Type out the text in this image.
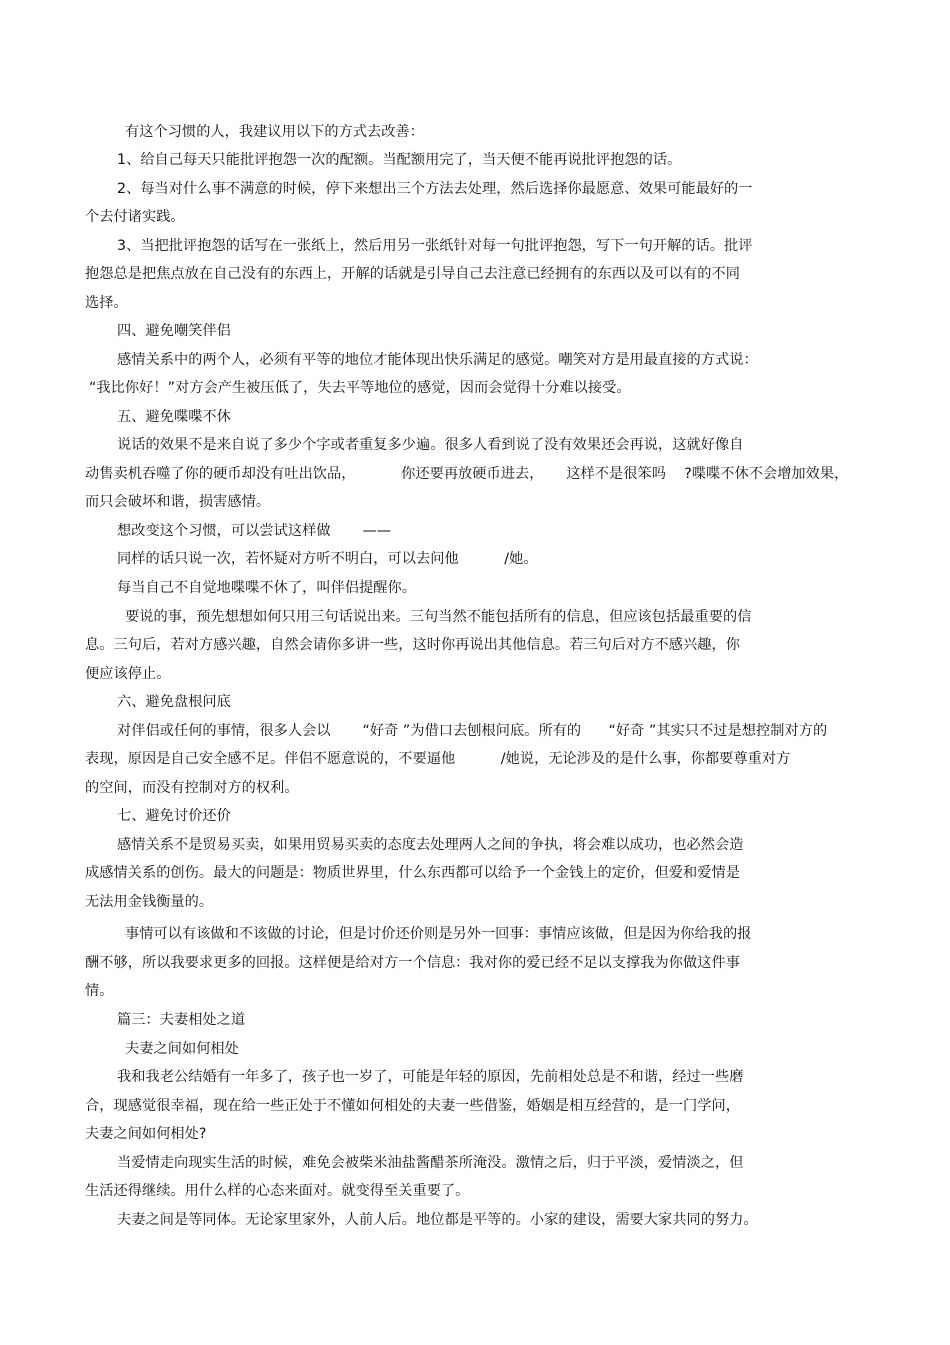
有这个习惯的人，我建议用以下的方式去改善：
1、给自己每天只能批评抱怨一次的配额。当配额用完了，当天便不能再说批评抱怨的话。
2、每当对什么事不满意的时候，停下来想出三个方法去处理，然后选择你最愿意、效果可能最好的一
个去付诸实践。
3、当把批评抱怨的话写在一张纸上，然后用另一张纸针对每一句批评抱怨，写下一句开解的话。批评
抱怨总是把焦点放在自己没有的东西上，开解的话就是引导自己去注意已经拥有的东西以及可以有的不同
选择。
四、避免嘲笑伴侣
感情关系中的两个人，必须有平等的地位才能体现出快乐满足的感觉。嘲笑对方是用最直接的方式说：
“我比你好！”对方会产生被压低了，失去平等地位的感觉，因而会觉得十分难以接受。
五、避免喋喋不休
说话的效果不是来自说了多少个字或者重复多少遍。很多人看到说了没有效果还会再说，这就好像自
动售卖机吞噬了你的硬币却没有吐出饮品，          你还要再放硬币进去，     这样不是很笨吗    ?喋喋不休不会增加效果，
而只会破坏和谐，损害感情。
想改变这个习惯，可以尝试这样做       ——
同样的话只说一次，若怀疑对方听不明白，可以去问他          /她。
每当自己不自觉地喋喋不休了，叫伴侣提醒你。
要说的事，预先想想如何只用三句话说出来。三句当然不能包括所有的信息，但应该包括最重要的信
息。三句后，若对方感兴趣，自然会请你多讲一些，这时你再说出其他信息。若三句后对方不感兴趣，你
便应该停止。
六、避免盘根问底
对伴侣或任何的事情，很多人会以       “好奇 ”为借口去刨根问底。所有的      “好奇 ”其实只不过是想控制对方的
表现，原因是自己安全感不足。伴侣不愿意说的，不要逼他          /她说，无论涉及的是什么事，你都要尊重对方
的空间，而没有控制对方的权利。
七、避免讨价还价
感情关系不是贸易买卖，如果用贸易买卖的态度去处理两人之间的争执，将会难以成功，也必然会造
成感情关系的创伤。最大的问题是：物质世界里，什么东西都可以给予一个金钱上的定价，但爱和爱情是
无法用金钱衡量的。
事情可以有该做和不该做的讨论，但是讨价还价则是另外一回事：事情应该做，但是因为你给我的报
酬不够，所以我要求更多的回报。这样便是给对方一个信息：我对你的爱已经不足以支撑我为你做这件事
情。
篇三：夫妻相处之道
夫妻之间如何相处
我和我老公结婚有一年多了，孩子也一岁了，可能是年轻的原因，先前相处总是不和谐，经过一些磨
合，现感觉很幸福，现在给一些正处于不懂如何相处的夫妻一些借鉴，婚姻是相互经营的，是一门学问，
夫妻之间如何相处?
当爱情走向现实生活的时候，难免会被柴米油盐酱醋茶所淹没。激情之后，归于平淡，爱情淡之，但
生活还得继续。用什么样的心态来面对。就变得至关重要了。
夫妻之间是等同体。无论家里家外，人前人后。地位都是平等的。小家的建设，需要大家共同的努力。
